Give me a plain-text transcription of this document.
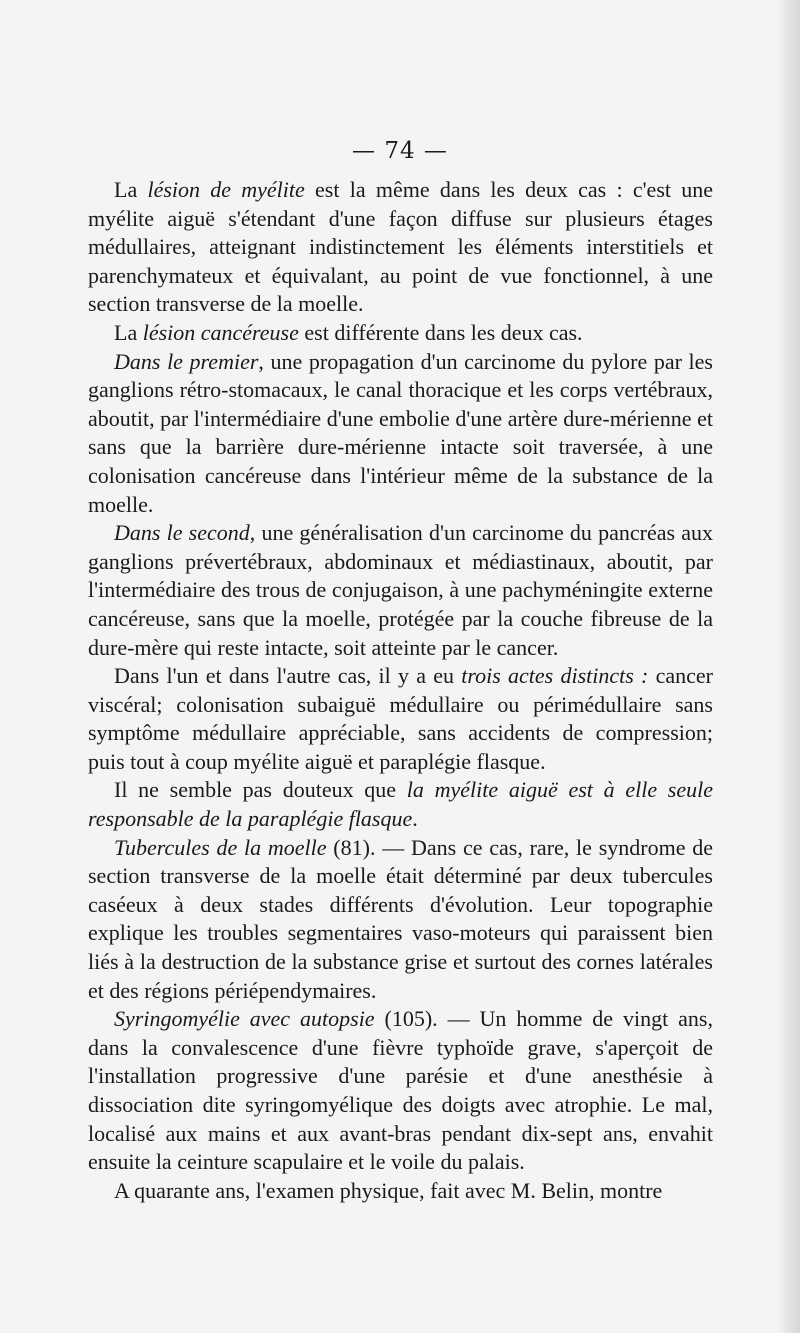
— 74 —

La lésion de myélite est la même dans les deux cas : c'est une myélite aiguë s'étendant d'une façon diffuse sur plusieurs étages médullaires, atteignant indistinctement les éléments interstitiels et parenchymateux et équivalant, au point de vue fonctionnel, à une section transverse de la moelle.

La lésion cancéreuse est différente dans les deux cas.

Dans le premier, une propagation d'un carcinome du pylore par les ganglions rétro-stomacaux, le canal thoracique et les corps vertébraux, aboutit, par l'intermédiaire d'une embolie d'une artère dure-mérienne et sans que la barrière dure-mérienne intacte soit traversée, à une colonisation cancéreuse dans l'intérieur même de la substance de la moelle.

Dans le second, une généralisation d'un carcinome du pancréas aux ganglions prévertébraux, abdominaux et médiastinaux, aboutit, par l'intermédiaire des trous de conjugaison, à une pachyméningite externe cancéreuse, sans que la moelle, protégée par la couche fibreuse de la dure-mère qui reste intacte, soit atteinte par le cancer.

Dans l'un et dans l'autre cas, il y a eu trois actes distincts : cancer viscéral; colonisation subaiguë médullaire ou périmédullaire sans symptôme médullaire appréciable, sans accidents de compression; puis tout à coup myélite aiguë et paraplégie flasque.

Il ne semble pas douteux que la myélite aiguë est à elle seule responsable de la paraplégie flasque.

Tubercules de la moelle (81). — Dans ce cas, rare, le syndrome de section transverse de la moelle était déterminé par deux tubercules caséeux à deux stades différents d'évolution. Leur topographie explique les troubles segmentaires vaso-moteurs qui paraissent bien liés à la destruction de la substance grise et surtout des cornes latérales et des régions périépendymaires.

Syringomyélie avec autopsie (105). — Un homme de vingt ans, dans la convalescence d'une fièvre typhoïde grave, s'aperçoit de l'installation progressive d'une parésie et d'une anesthésie à dissociation dite syringomyélique des doigts avec atrophie. Le mal, localisé aux mains et aux avant-bras pendant dix-sept ans, envahit ensuite la ceinture scapulaire et le voile du palais.

A quarante ans, l'examen physique, fait avec M. Belin, montre
